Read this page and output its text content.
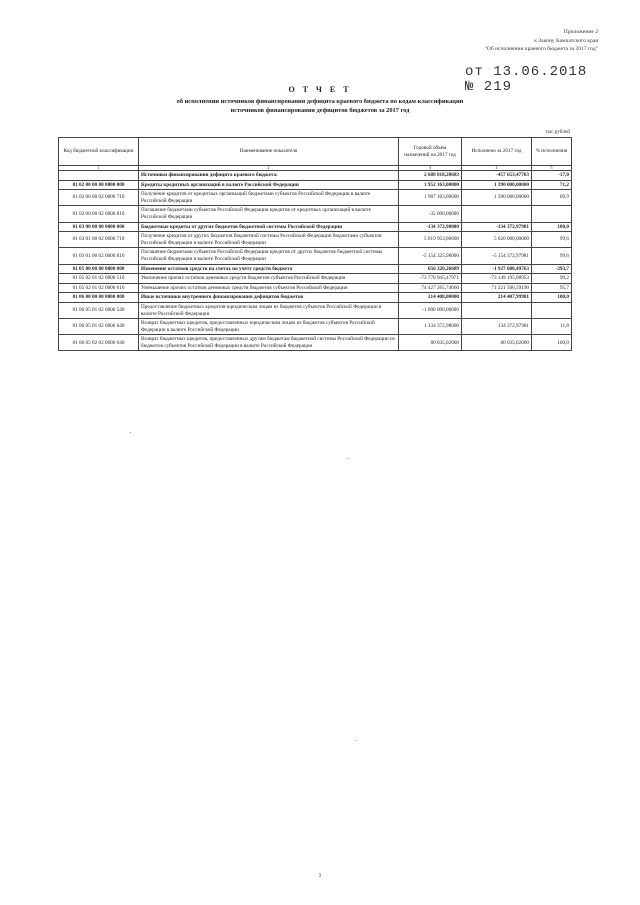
Приложение 2
к Закону Камчатского края
"Об исполнении краевого бюджета за 2017 год"
от 13.06.2018
№ 219
О Т Ч Е Т
об исполнении источников финансирования дефицита краевого бюджета по кодам классификации
источников финансирования дефицитов бюджетов за 2017 год
тыс.рублей
Код бюджетной классификации	Наименование показателя	Годовой объем назначений на 2017 год	Исполнено за 2017 год	% исполнения
1	2	3	4	5
	Источники финансирования дефицита краевого бюджета:	2 688 818,28683	-457 653,47763	-17,0
01 02 00 00 00 0000 000	Кредиты кредитных организаций в валюте Российской Федерации	1 952 163,00000	1 390 000,00000	71,2
01 02 00 00 02 0000 710	Получение кредитов от кредитных организаций бюджетами субъектов Российской Федерации в валюте Российской Федерации	1 987 163,00000	1 390 000,00000	69,9
01 02 00 00 02 0000 810	Погашение бюджетами субъектов Российской Федерации кредитов от кредитных организаций в валюте Российской Федерации	-35 000,00000		
01 03 00 00 00 0000 000	Бюджетные кредиты от других бюджетов бюджетной системы Российской Федерации	-134 372,98000	-134 372,97981	100,0
01 03 01 00 02 0000 710	Получение кредитов от других бюджетов бюджетной системы Российской Федерации бюджетами субъектов Российской Федерации в валюте Российской Федерации	5 019 953,00000	5 020 000,00000	99,6
01 03 01 00 02 0000 810	Погашение бюджетами субъектов Российской Федерации кредитов от других бюджетов бюджетной системы Российской Федерации в валюте Российской Федерации	-5 154 325,98000	-5 154 372,97981	99,6
01 05 00 00 00 0000 000	Изменение остатков средств на счетах по учету средств бюджета	656 320,26689	-1 927 688,49763	-293,7
01 05 02 01 02 0000 510	Увеличение прочих остатков денежных средств бюджетов субъектов Российской Федерации	-73 770 945,47971	-73 149 195,08953	99,2
01 05 02 01 02 0000 610	Уменьшение прочих остатков денежных средств бюджетов субъектов Российской Федерации	74 427 265,74660	71 221 506,59190	95,7
01 06 00 00 00 0000 000	Иные источники внутреннего финансирования дефицитов бюджетов	214 408,00000	214 407,99981	100,0
01 06 05 01 02 0000 540	Предоставление бюджетных кредитов юридическим лицам из бюджетов субъектов Российской Федерации в валюте Российской Федерации	-1 000 000,00000		
01 06 05 01 02 0000 640	Возврат бюджетных кредитов, предоставленных юридическим лицам из бюджетов субъектов Российской Федерации в валюте Российской Федерации	1 134 372,98000	134 372,97981	11,8
01 06 05 02 02 0000 640	Возврат бюджетных кредитов, предоставленных другим бюджетам бюджетной системы Российской Федерации из бюджетов субъектов Российской Федерации в валюте Российской Федерации	80 035,02000	80 035,02000	100,0
1
